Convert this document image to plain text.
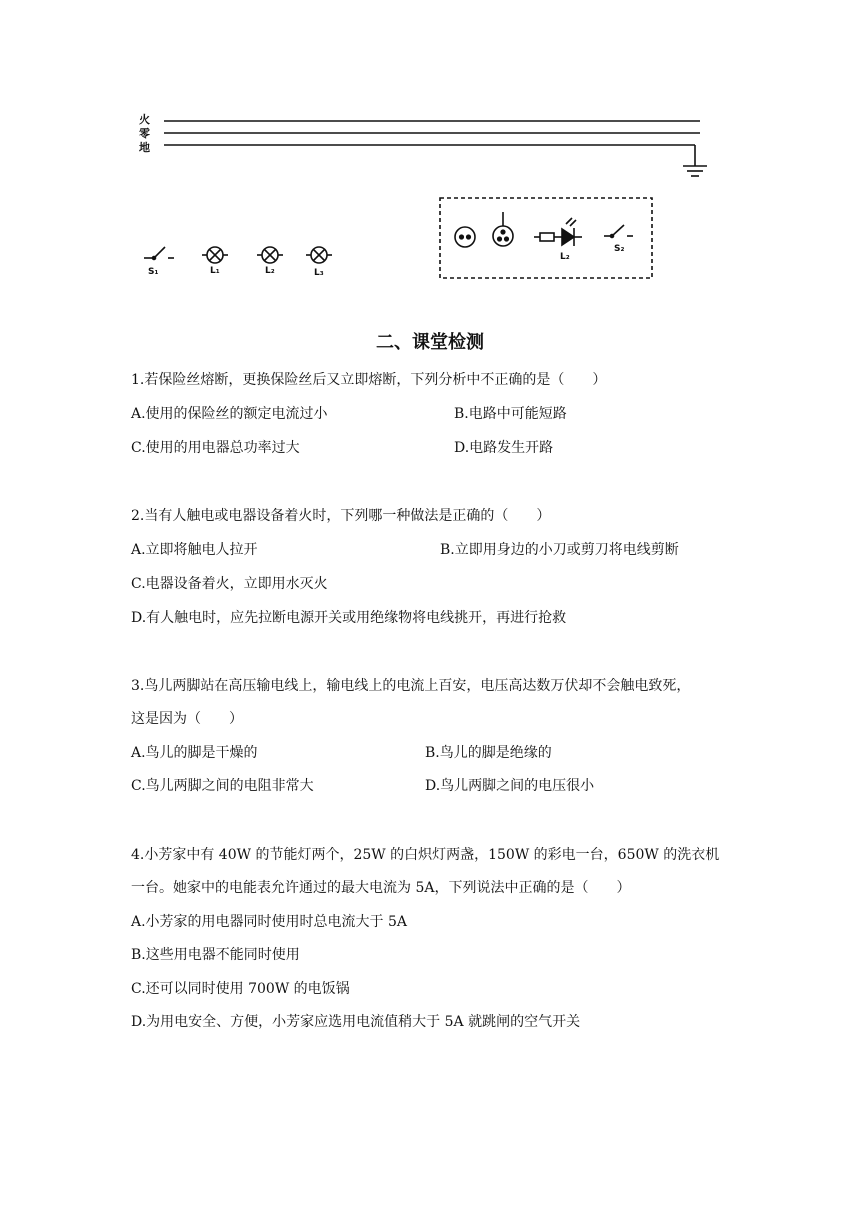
火
零
地
S₁	L₁	L₂	L₃
L₂
S₂
二、课堂检测
1.若保险丝熔断，更换保险丝后又立即熔断，下列分析中不正确的是（　　）
A.使用的保险丝的额定电流过小	B.电路中可能短路
C.使用的用电器总功率过大	D.电路发生开路
2.当有人触电或电器设备着火时，下列哪一种做法是正确的（　　）
A.立即将触电人拉开	B.立即用身边的小刀或剪刀将电线剪断
C.电器设备着火，立即用水灭火
D.有人触电时，应先拉断电源开关或用绝缘物将电线挑开，再进行抢救
3.鸟儿两脚站在高压输电线上，输电线上的电流上百安，电压高达数万伏却不会触电致死，
这是因为（　　）
A.鸟儿的脚是干燥的	B.鸟儿的脚是绝缘的
C.鸟儿两脚之间的电阻非常大	D.鸟儿两脚之间的电压很小
4.小芳家中有 40W 的节能灯两个，25W 的白炽灯两盏，150W 的彩电一台，650W 的洗衣机
一台。她家中的电能表允许通过的最大电流为 5A，下列说法中正确的是（　　）
A.小芳家的用电器同时使用时总电流大于 5A
B.这些用电器不能同时使用
C.还可以同时使用 700W 的电饭锅
D.为用电安全、方便，小芳家应选用电流值稍大于 5A 就跳闸的空气开关
